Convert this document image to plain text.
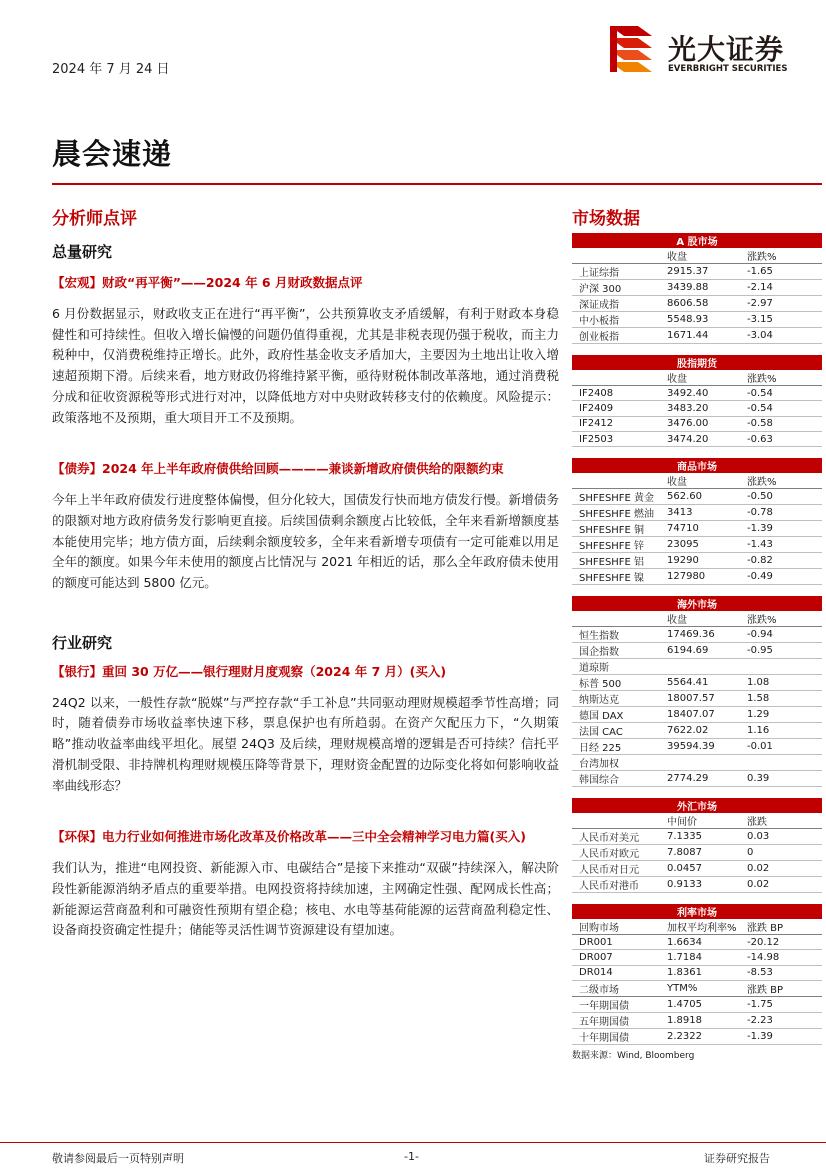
2024 年 7 月 24 日
光大证券
EVERBRIGHT SECURITIES
晨会速递
分析师点评
总量研究
【宏观】财政“再平衡”——2024 年 6 月财政数据点评
6 月份数据显示，财政收支正在进行“再平衡”，公共预算收支矛盾缓解，有利于财政本身稳健性和可持续性。但收入增长偏慢的问题仍值得重视，尤其是非税表现仍强于税收，而主力税种中，仅消费税维持正增长。此外，政府性基金收支矛盾加大，主要因为土地出让收入增速超预期下滑。后续来看，地方财政仍将维持紧平衡，亟待财税体制改革落地，通过消费税分成和征收资源税等形式进行对冲，以降低地方对中央财政转移支付的依赖度。风险提示：政策落地不及预期，重大项目开工不及预期。
【债券】2024 年上半年政府债供给回顾————兼谈新增政府债供给的限额约束
今年上半年政府债发行进度整体偏慢，但分化较大，国债发行快而地方债发行慢。新增债务的限额对地方政府债务发行影响更直接。后续国债剩余额度占比较低，全年来看新增额度基本能使用完毕；地方债方面，后续剩余额度较多，全年来看新增专项债有一定可能难以用足全年的额度。如果今年未使用的额度占比情况与 2021 年相近的话，那么全年政府债未使用的额度可能达到 5800 亿元。
行业研究
【银行】重回 30 万亿——银行理财月度观察（2024 年 7 月）(买入)
24Q2 以来，一般性存款“脱媒”与严控存款“手工补息”共同驱动理财规模超季节性高增；同时，随着债券市场收益率快速下移，票息保护也有所趋弱。在资产欠配压力下，“久期策略”推动收益率曲线平坦化。展望 24Q3 及后续，理财规模高增的逻辑是否可持续？信托平滑机制受限、非持牌机构理财规模压降等背景下，理财资金配置的边际变化将如何影响收益率曲线形态？
【环保】电力行业如何推进市场化改革及价格改革——三中全会精神学习电力篇(买入)
我们认为，推进“电网投资、新能源入市、电碳结合”是接下来推动“双碳”持续深入，解决阶段性新能源消纳矛盾点的重要举措。电网投资将持续加速，主网确定性强、配网成长性高；新能源运营商盈利和可融资性预期有望企稳；核电、水电等基荷能源的运营商盈利稳定性、设备商投资确定性提升；储能等灵活性调节资源建设有望加速。
市场数据
A 股市场		
	收盘	涨跌%
上证综指	2915.37	-1.65
沪深 300	3439.88	-2.14
深证成指	8606.58	-2.97
中小板指	5548.93	-3.15
创业板指	1671.44	-3.04
股指期货		
	收盘	涨跌%
IF2408	3492.40	-0.54
IF2409	3483.20	-0.54
IF2412	3476.00	-0.58
IF2503	3474.20	-0.63
商品市场		
	收盘	涨跌%
SHFESHFE 黄金	562.60	-0.50
SHFESHFE 燃油	3413	-0.78
SHFESHFE 铜	74710	-1.39
SHFESHFE 锌	23095	-1.43
SHFESHFE 铝	19290	-0.82
SHFESHFE 镍	127980	-0.49
海外市场		
	收盘	涨跌%
恒生指数	17469.36	-0.94
国企指数	6194.69	-0.95
道琼斯		
标普 500	5564.41	1.08
纳斯达克	18007.57	1.58
德国 DAX	18407.07	1.29
法国 CAC	7622.02	1.16
日经 225	39594.39	-0.01
台湾加权		
韩国综合	2774.29	0.39
外汇市场		
	中间价	涨跌
人民币对美元	7.1335	0.03
人民币对欧元	7.8087	0
人民币对日元	0.0457	0.02
人民币对港币	0.9133	0.02
利率市场		
回购市场	加权平均利率%	涨跌 BP
DR001	1.6634	-20.12
DR007	1.7184	-14.98
DR014	1.8361	-8.53
二级市场	YTM%	涨跌 BP
一年期国债	1.4705	-1.75
五年期国债	1.8918	-2.23
十年期国债	2.2322	-1.39
数据来源：Wind, Bloomberg
敬请参阅最后一页特别声明	-1-	证券研究报告
